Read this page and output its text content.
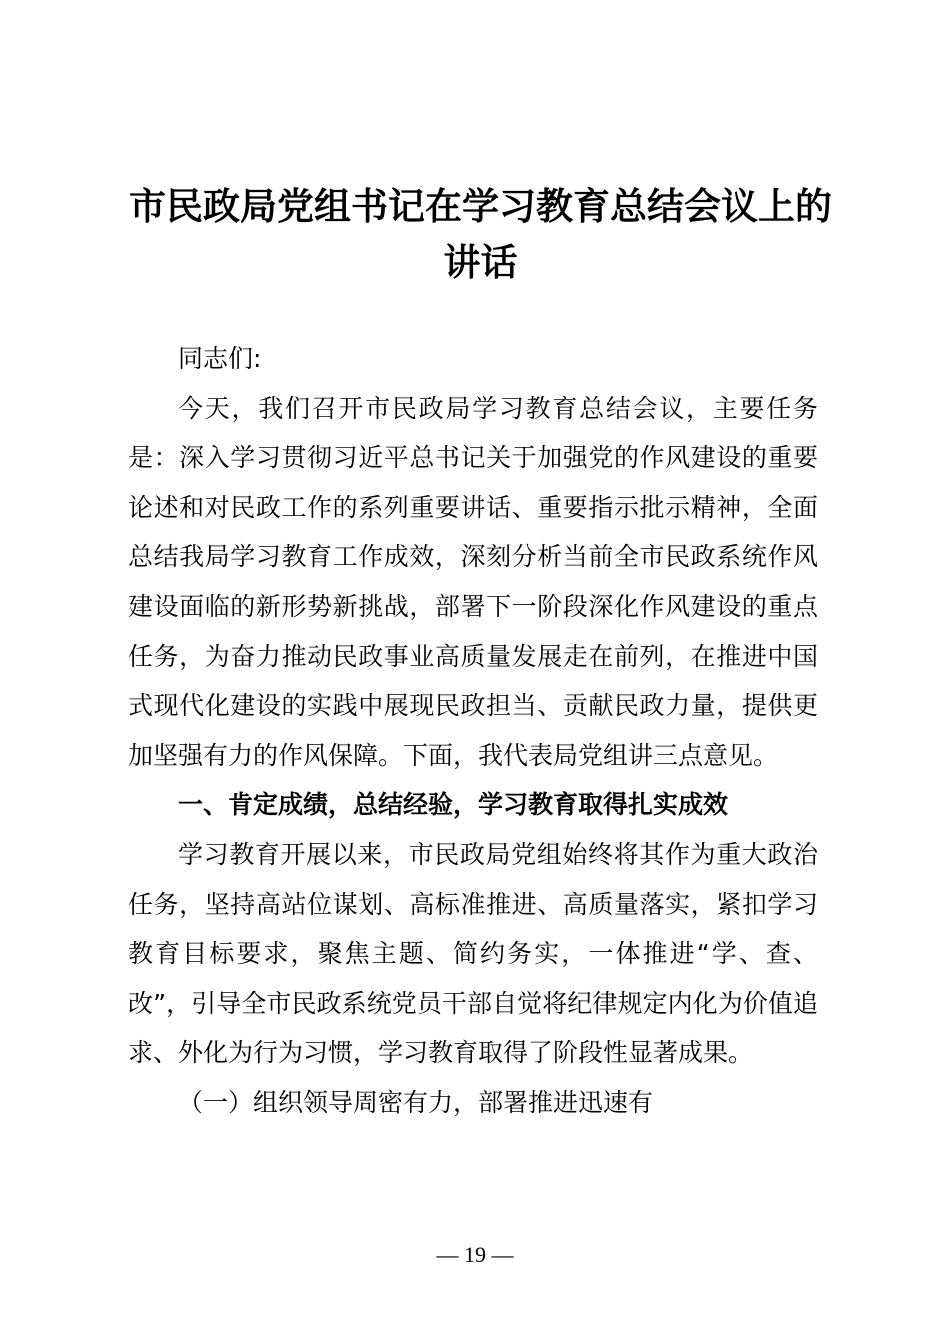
市民政局党组书记在学习教育总结会议上的讲话

同志们:

今天，我们召开市民政局学习教育总结会议，主要任务是：深入学习贯彻习近平总书记关于加强党的作风建设的重要论述和对民政工作的系列重要讲话、重要指示批示精神，全面总结我局学习教育工作成效，深刻分析当前全市民政系统作风建设面临的新形势新挑战，部署下一阶段深化作风建设的重点任务，为奋力推动民政事业高质量发展走在前列，在推进中国式现代化建设的实践中展现民政担当、贡献民政力量，提供更加坚强有力的作风保障。下面，我代表局党组讲三点意见。

一、肯定成绩，总结经验，学习教育取得扎实成效

学习教育开展以来，市民政局党组始终将其作为重大政治任务，坚持高站位谋划、高标准推进、高质量落实，紧扣学习教育目标要求，聚焦主题、简约务实，一体推进“学、查、改”，引导全市民政系统党员干部自觉将纪律规定内化为价值追求、外化为行为习惯，学习教育取得了阶段性显著成果。

（一）组织领导周密有力，部署推进迅速有

— 19 —
